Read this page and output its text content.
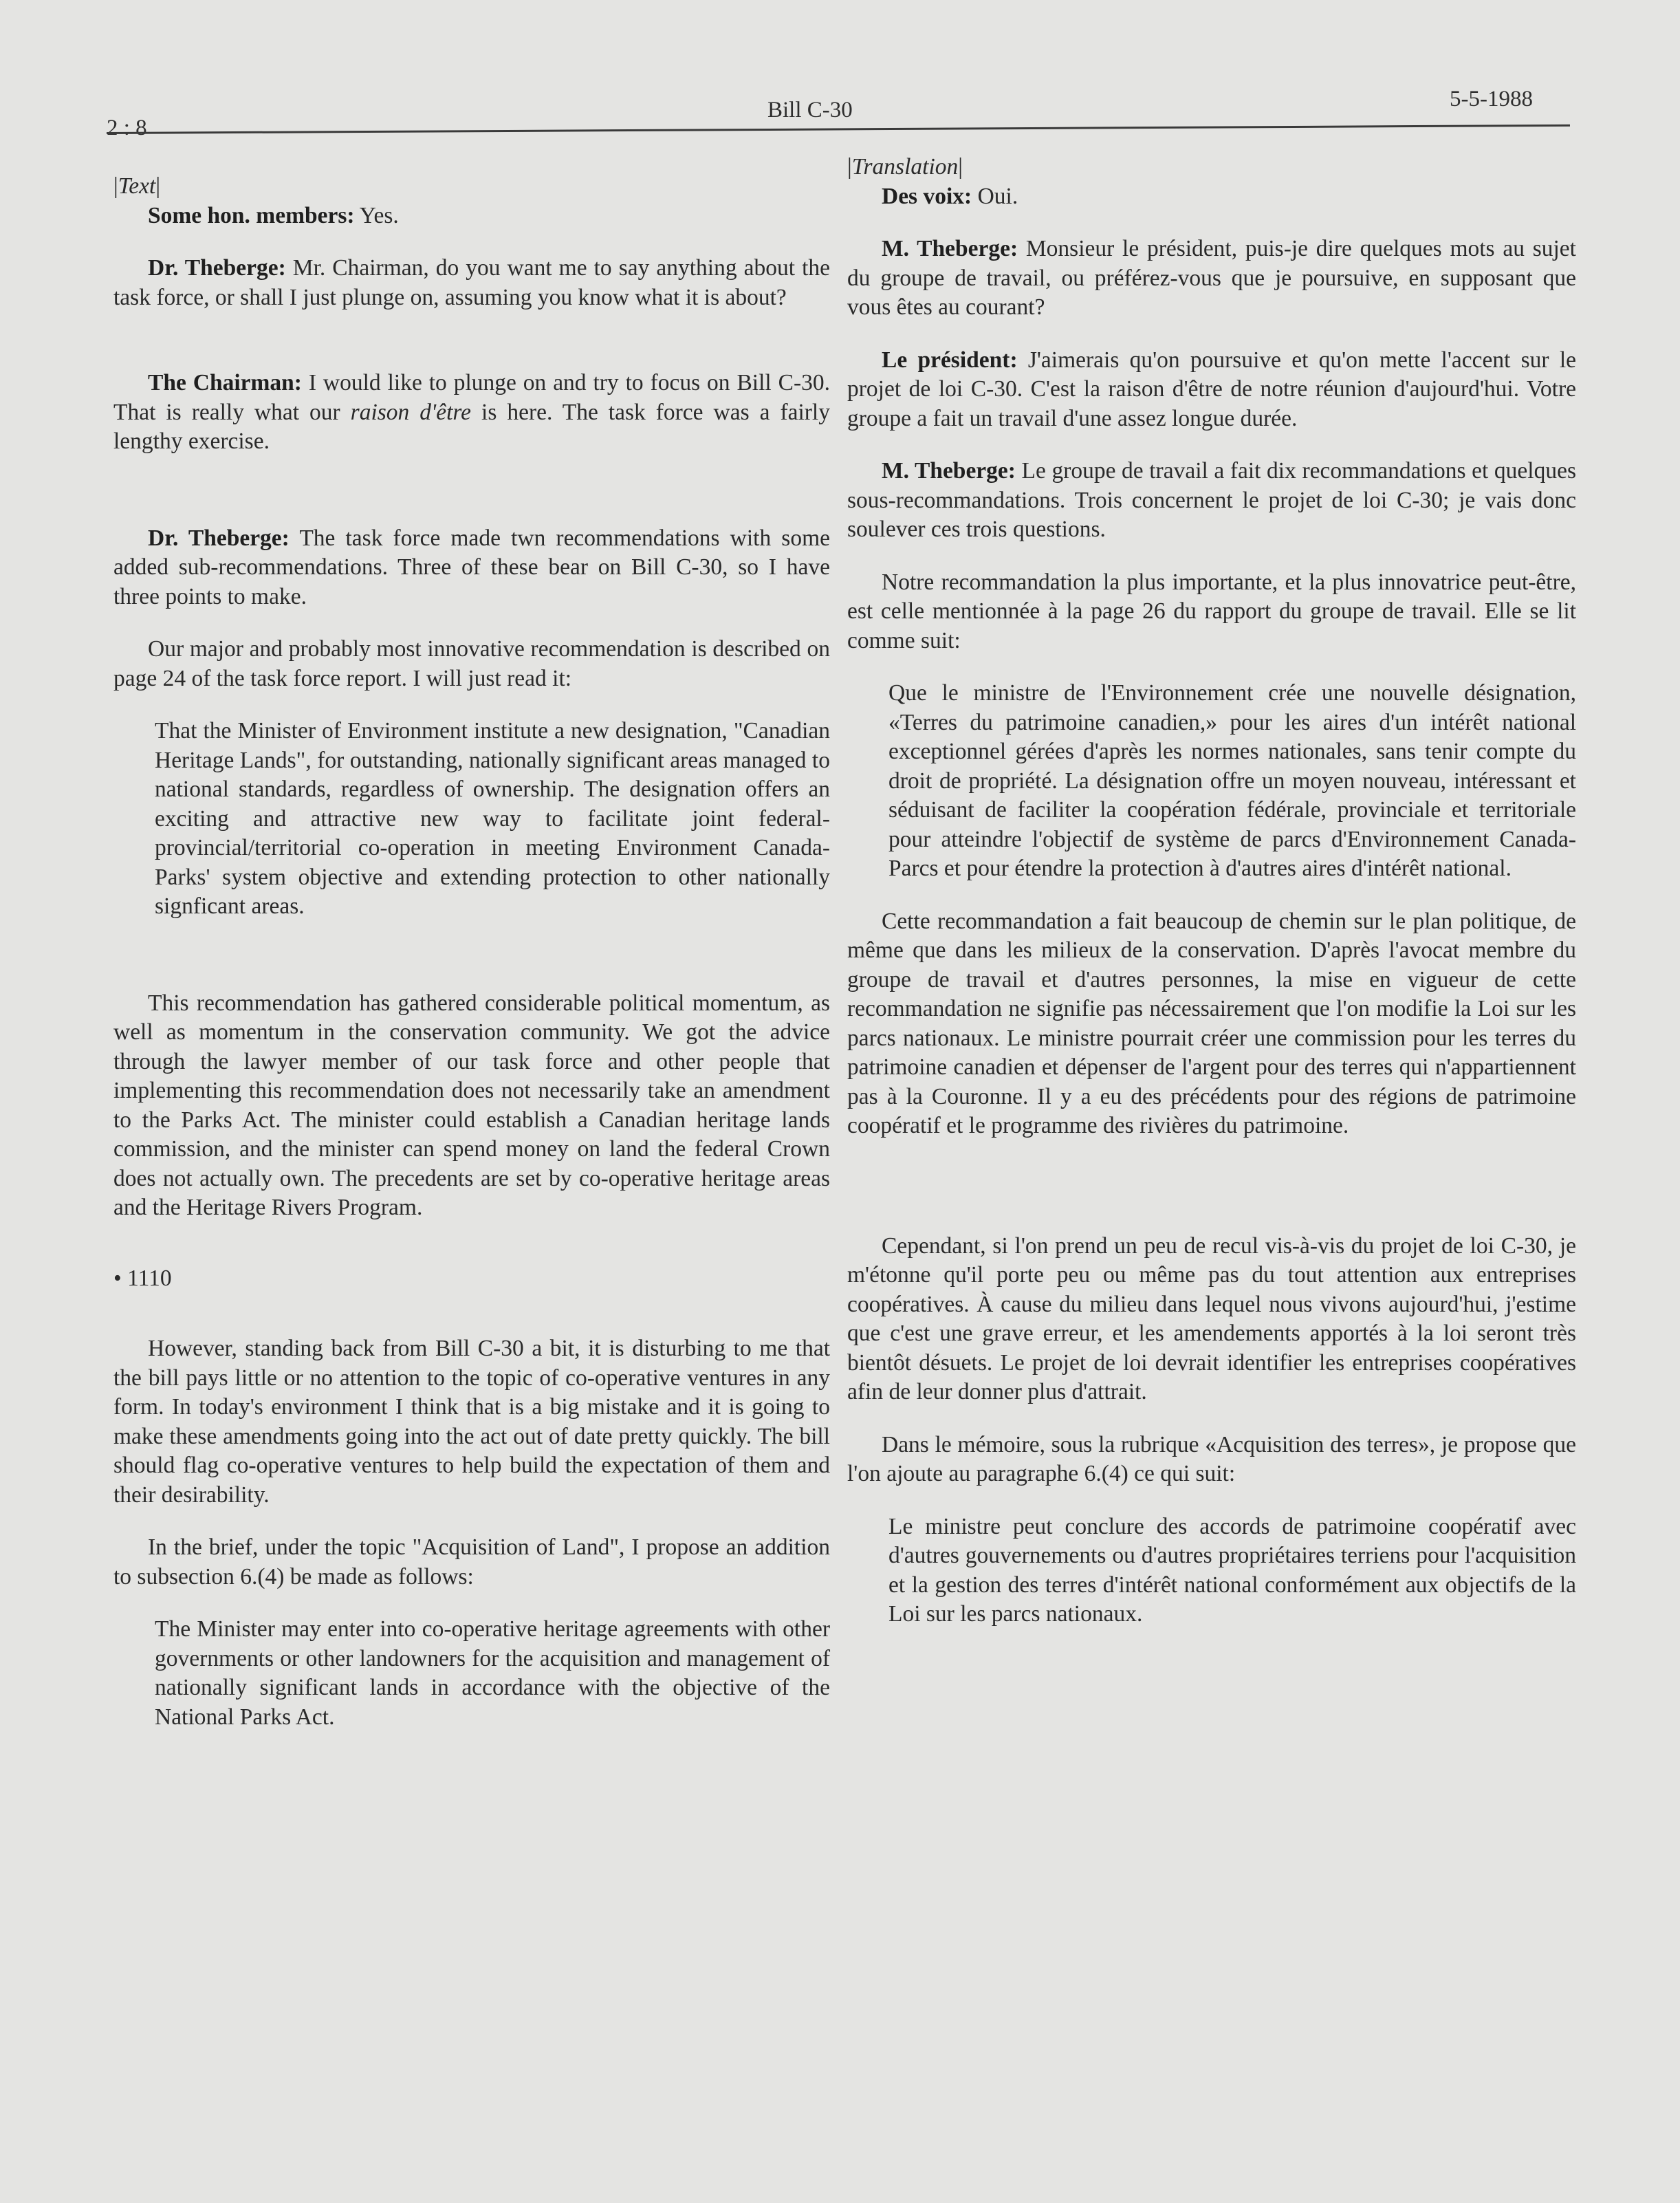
2 : 8
Bill C-30	5-5-1988

|Text|

Some hon. members: Yes.

Dr. Theberge: Mr. Chairman, do you want me to say anything about the task force, or shall I just plunge on, assuming you know what it is about?

The Chairman: I would like to plunge on and try to focus on Bill C-30. That is really what our raison d'être is here. The task force was a fairly lengthy exercise.

Dr. Theberge: The task force made twn recommendations with some added sub-recommendations. Three of these bear on Bill C-30, so I have three points to make.

Our major and probably most innovative recommendation is described on page 24 of the task force report. I will just read it:

That the Minister of Environment institute a new designation, "Canadian Heritage Lands", for outstanding, nationally significant areas managed to national standards, regardless of ownership. The designation offers an exciting and attractive new way to facilitate joint federal-provincial/territorial co-operation in meeting Environment Canada-Parks' system objective and extending protection to other nationally signficant areas.

This recommendation has gathered considerable political momentum, as well as momentum in the conservation community. We got the advice through the lawyer member of our task force and other people that implementing this recommendation does not necessarily take an amendment to the Parks Act. The minister could establish a Canadian heritage lands commission, and the minister can spend money on land the federal Crown does not actually own. The precedents are set by co-operative heritage areas and the Heritage Rivers Program.

• 1110

However, standing back from Bill C-30 a bit, it is disturbing to me that the bill pays little or no attention to the topic of co-operative ventures in any form. In today's environment I think that is a big mistake and it is going to make these amendments going into the act out of date pretty quickly. The bill should flag co-operative ventures to help build the expectation of them and their desirability.

In the brief, under the topic "Acquisition of Land", I propose an addition to subsection 6.(4) be made as follows:

The Minister may enter into co-operative heritage agreements with other governments or other landowners for the acquisition and management of nationally significant lands in accordance with the objective of the National Parks Act.

|Translation|

Des voix: Oui.

M. Theberge: Monsieur le président, puis-je dire quelques mots au sujet du groupe de travail, ou préférez-vous que je poursuive, en supposant que vous êtes au courant?

Le président: J'aimerais qu'on poursuive et qu'on mette l'accent sur le projet de loi C-30. C'est la raison d'être de notre réunion d'aujourd'hui. Votre groupe a fait un travail d'une assez longue durée.

M. Theberge: Le groupe de travail a fait dix recommandations et quelques sous-recommandations. Trois concernent le projet de loi C-30; je vais donc soulever ces trois questions.

Notre recommandation la plus importante, et la plus innovatrice peut-être, est celle mentionnée à la page 26 du rapport du groupe de travail. Elle se lit comme suit:

Que le ministre de l'Environnement crée une nouvelle désignation, «Terres du patrimoine canadien,» pour les aires d'un intérêt national exceptionnel gérées d'après les normes nationales, sans tenir compte du droit de propriété. La désignation offre un moyen nouveau, intéressant et séduisant de faciliter la coopération fédérale, provinciale et territoriale pour atteindre l'objectif de système de parcs d'Environnement Canada-Parcs et pour étendre la protection à d'autres aires d'intérêt national.

Cette recommandation a fait beaucoup de chemin sur le plan politique, de même que dans les milieux de la conservation. D'après l'avocat membre du groupe de travail et d'autres personnes, la mise en vigueur de cette recommandation ne signifie pas nécessairement que l'on modifie la Loi sur les parcs nationaux. Le ministre pourrait créer une commission pour les terres du patrimoine canadien et dépenser de l'argent pour des terres qui n'appartiennent pas à la Couronne. Il y a eu des précédents pour des régions de patrimoine coopératif et le programme des rivières du patrimoine.

Cependant, si l'on prend un peu de recul vis-à-vis du projet de loi C-30, je m'étonne qu'il porte peu ou même pas du tout attention aux entreprises coopératives. À cause du milieu dans lequel nous vivons aujourd'hui, j'estime que c'est une grave erreur, et les amendements apportés à la loi seront très bientôt désuets. Le projet de loi devrait identifier les entreprises coopératives afin de leur donner plus d'attrait.

Dans le mémoire, sous la rubrique «Acquisition des terres», je propose que l'on ajoute au paragraphe 6.(4) ce qui suit:

Le ministre peut conclure des accords de patrimoine coopératif avec d'autres gouvernements ou d'autres propriétaires terriens pour l'acquisition et la gestion des terres d'intérêt national conformément aux objectifs de la Loi sur les parcs nationaux.
